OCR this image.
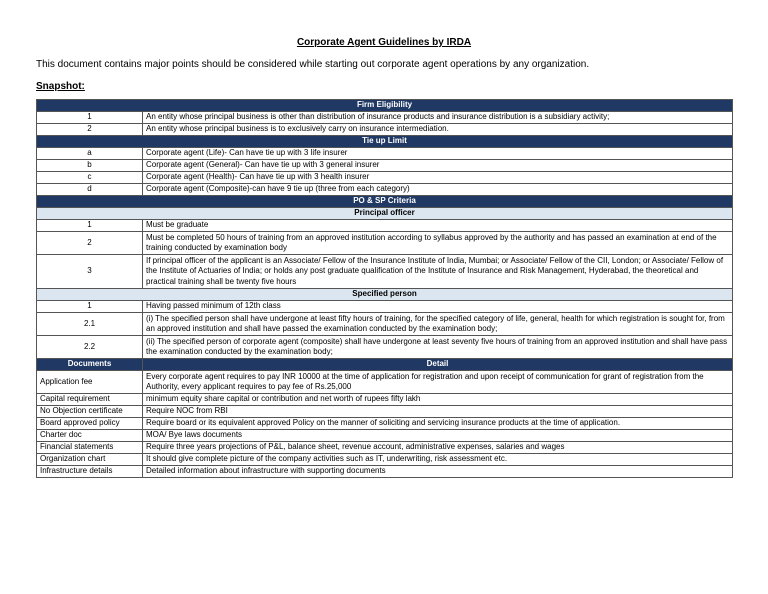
Corporate Agent Guidelines by IRDA
This document contains major points should be considered while starting out corporate agent operations by any organization.
Snapshot:
Firm Eligibility	
1	An entity whose principal business is other than distribution of insurance products and insurance distribution is a subsidiary activity;
2	An entity whose principal business is to exclusively carry on insurance intermediation.
Tie up Limit	
a	Corporate agent (Life)- Can have tie up with 3 life insurer
b	Corporate agent (General)- Can have tie up with 3 general insurer
c	Corporate agent (Health)- Can have tie up with 3 health insurer
d	Corporate agent (Composite)-can have 9 tie up (three from each category)
PO & SP Criteria	
Principal officer	
1	Must be graduate
2	Must be completed 50 hours of training from an approved institution according to syllabus approved by the authority and has passed an examination at end of the training conducted by examination body
3	If principal officer of the applicant is an Associate/ Fellow of the Insurance Institute of India, Mumbai; or Associate/ Fellow of the CII, London; or Associate/ Fellow of the Institute of Actuaries of India; or holds any post graduate qualification of the Institute of Insurance and Risk Management, Hyderabad, the theoretical and practical training shall be twenty five hours
Specified person	
1	Having passed minimum of 12th class
2.1	(i) The specified person shall have undergone at least fifty hours of training, for the specified category of life, general, health for which registration is sought for, from an approved institution and shall have passed the examination conducted by the examination body;
2.2	(ii) The specified person of corporate agent (composite) shall have undergone at least seventy five hours of training from an approved institution and shall have pass the examination conducted by the examination body;
Documents	Detail
Application fee	Every corporate agent requires to pay INR 10000 at the time of application for registration and upon receipt of communication for grant of registration from the Authority, every applicant requires to pay fee of Rs.25,000
Capital requirement	minimum equity share capital or contribution and net worth of rupees fifty lakh
No Objection certificate	Require NOC from RBI
Board approved policy	Require board or its equivalent approved Policy on the manner of soliciting and servicing insurance products at the time of application.
Charter doc	MOA/ Bye laws documents
Financial statements	Require three years projections of P&L, balance sheet, revenue account, administrative expenses, salaries and wages
Organization chart	It should give complete picture of the company activities such as IT, underwriting, risk assessment etc.
Infrastructure details	Detailed information about infrastructure with supporting documents
